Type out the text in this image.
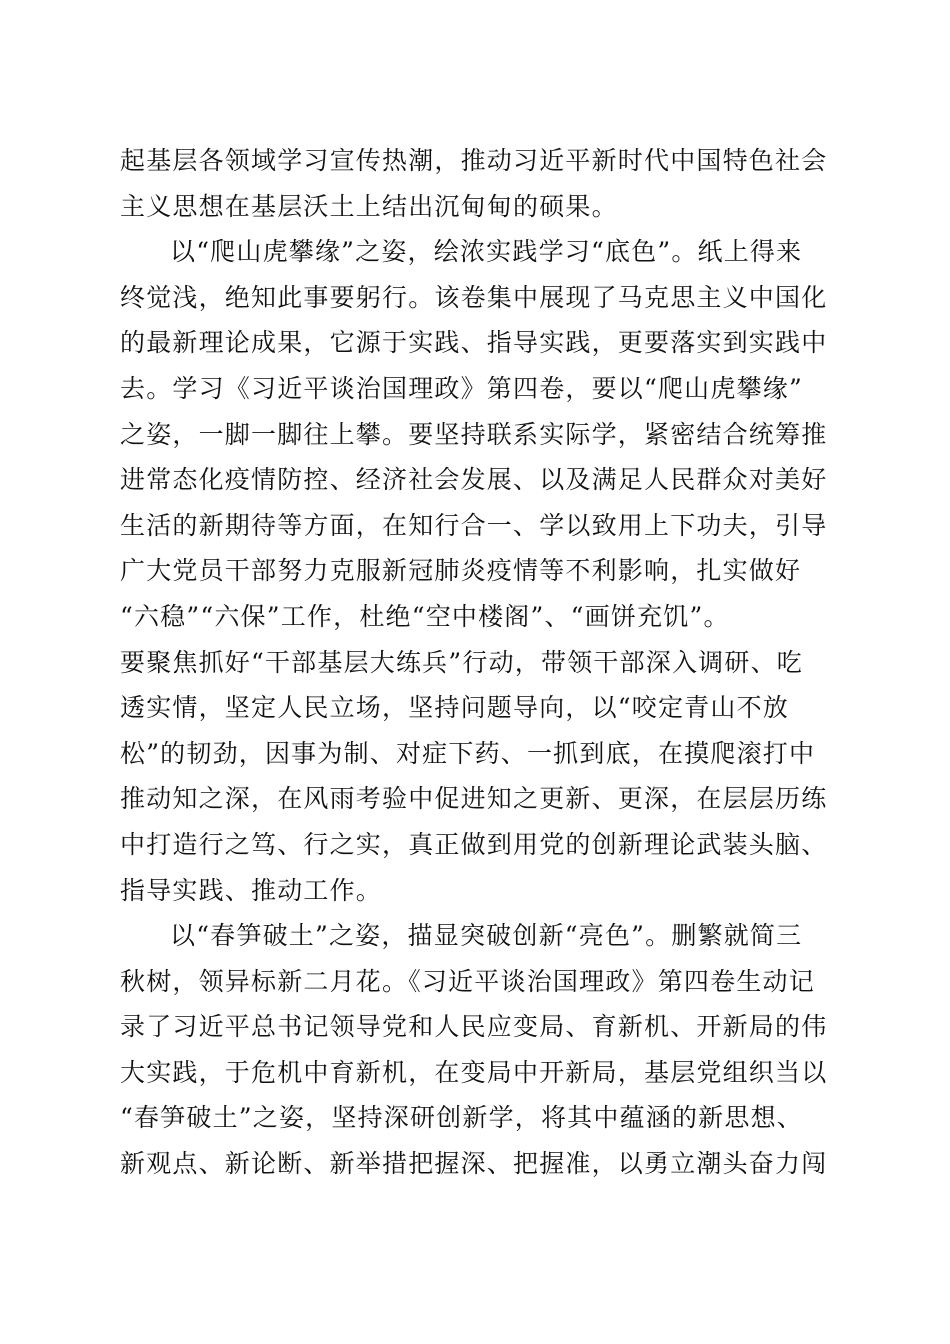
起基层各领域学习宣传热潮，推动习近平新时代中国特色社会
主义思想在基层沃土上结出沉甸甸的硕果。
以“爬山虎攀缘”之姿，绘浓实践学习“底色”。纸上得来
终觉浅，绝知此事要躬行。该卷集中展现了马克思主义中国化
的最新理论成果，它源于实践、指导实践，更要落实到实践中
去。学习《习近平谈治国理政》第四卷，要以“爬山虎攀缘”
之姿，一脚一脚往上攀。要坚持联系实际学，紧密结合统筹推
进常态化疫情防控、经济社会发展、以及满足人民群众对美好
生活的新期待等方面，在知行合一、学以致用上下功夫，引导
广大党员干部努力克服新冠肺炎疫情等不利影响，扎实做好
“六稳”“六保”工作，杜绝“空中楼阁”、“画饼充饥”。
要聚焦抓好“干部基层大练兵”行动，带领干部深入调研、吃
透实情，坚定人民立场，坚持问题导向，以“咬定青山不放
松”的韧劲，因事为制、对症下药、一抓到底，在摸爬滚打中
推动知之深，在风雨考验中促进知之更新、更深，在层层历练
中打造行之笃、行之实，真正做到用党的创新理论武装头脑、
指导实践、推动工作。
以“春笋破土”之姿，描显突破创新“亮色”。删繁就简三
秋树，领异标新二月花。《习近平谈治国理政》第四卷生动记
录了习近平总书记领导党和人民应变局、育新机、开新局的伟
大实践，于危机中育新机，在变局中开新局，基层党组织当以
“春笋破土”之姿，坚持深研创新学，将其中蕴涵的新思想、
新观点、新论断、新举措把握深、把握准，以勇立潮头奋力闯
